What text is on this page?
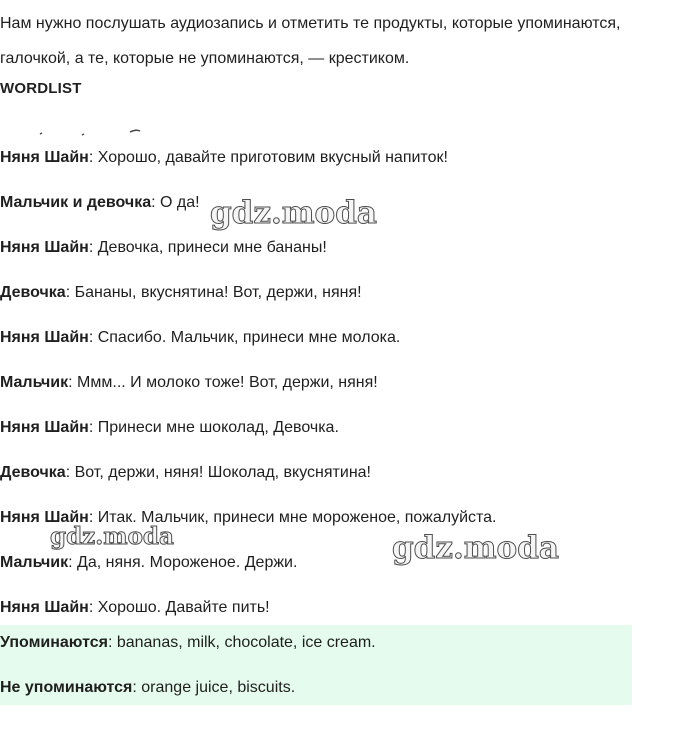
Нам нужно послушать аудиозапись и отметить те продукты, которые упоминаются, галочкой, а те, которые не упоминаются, — крестиком.

WORDLIST

Няня Шайн: Хорошо, давайте приготовим вкусный напиток!

Мальчик и девочка: О да!

Няня Шайн: Девочка, принеси мне бананы!

Девочка: Бананы, вкуснятина! Вот, держи, няня!

Няня Шайн: Спасибо. Мальчик, принеси мне молока.

Мальчик: Ммм... И молоко тоже! Вот, держи, няня!

Няня Шайн: Принеси мне шоколад, Девочка.

Девочка: Вот, держи, няня! Шоколад, вкуснятина!

Няня Шайн: Итак. Мальчик, принеси мне мороженое, пожалуйста.

Мальчик: Да, няня. Мороженое. Держи.

Няня Шайн: Хорошо. Давайте пить!

Упоминаются: bananas, milk, chocolate, ice cream.

Не упоминаются: orange juice, biscuits.

gdz.moda
gdz.moda	gdz.moda
